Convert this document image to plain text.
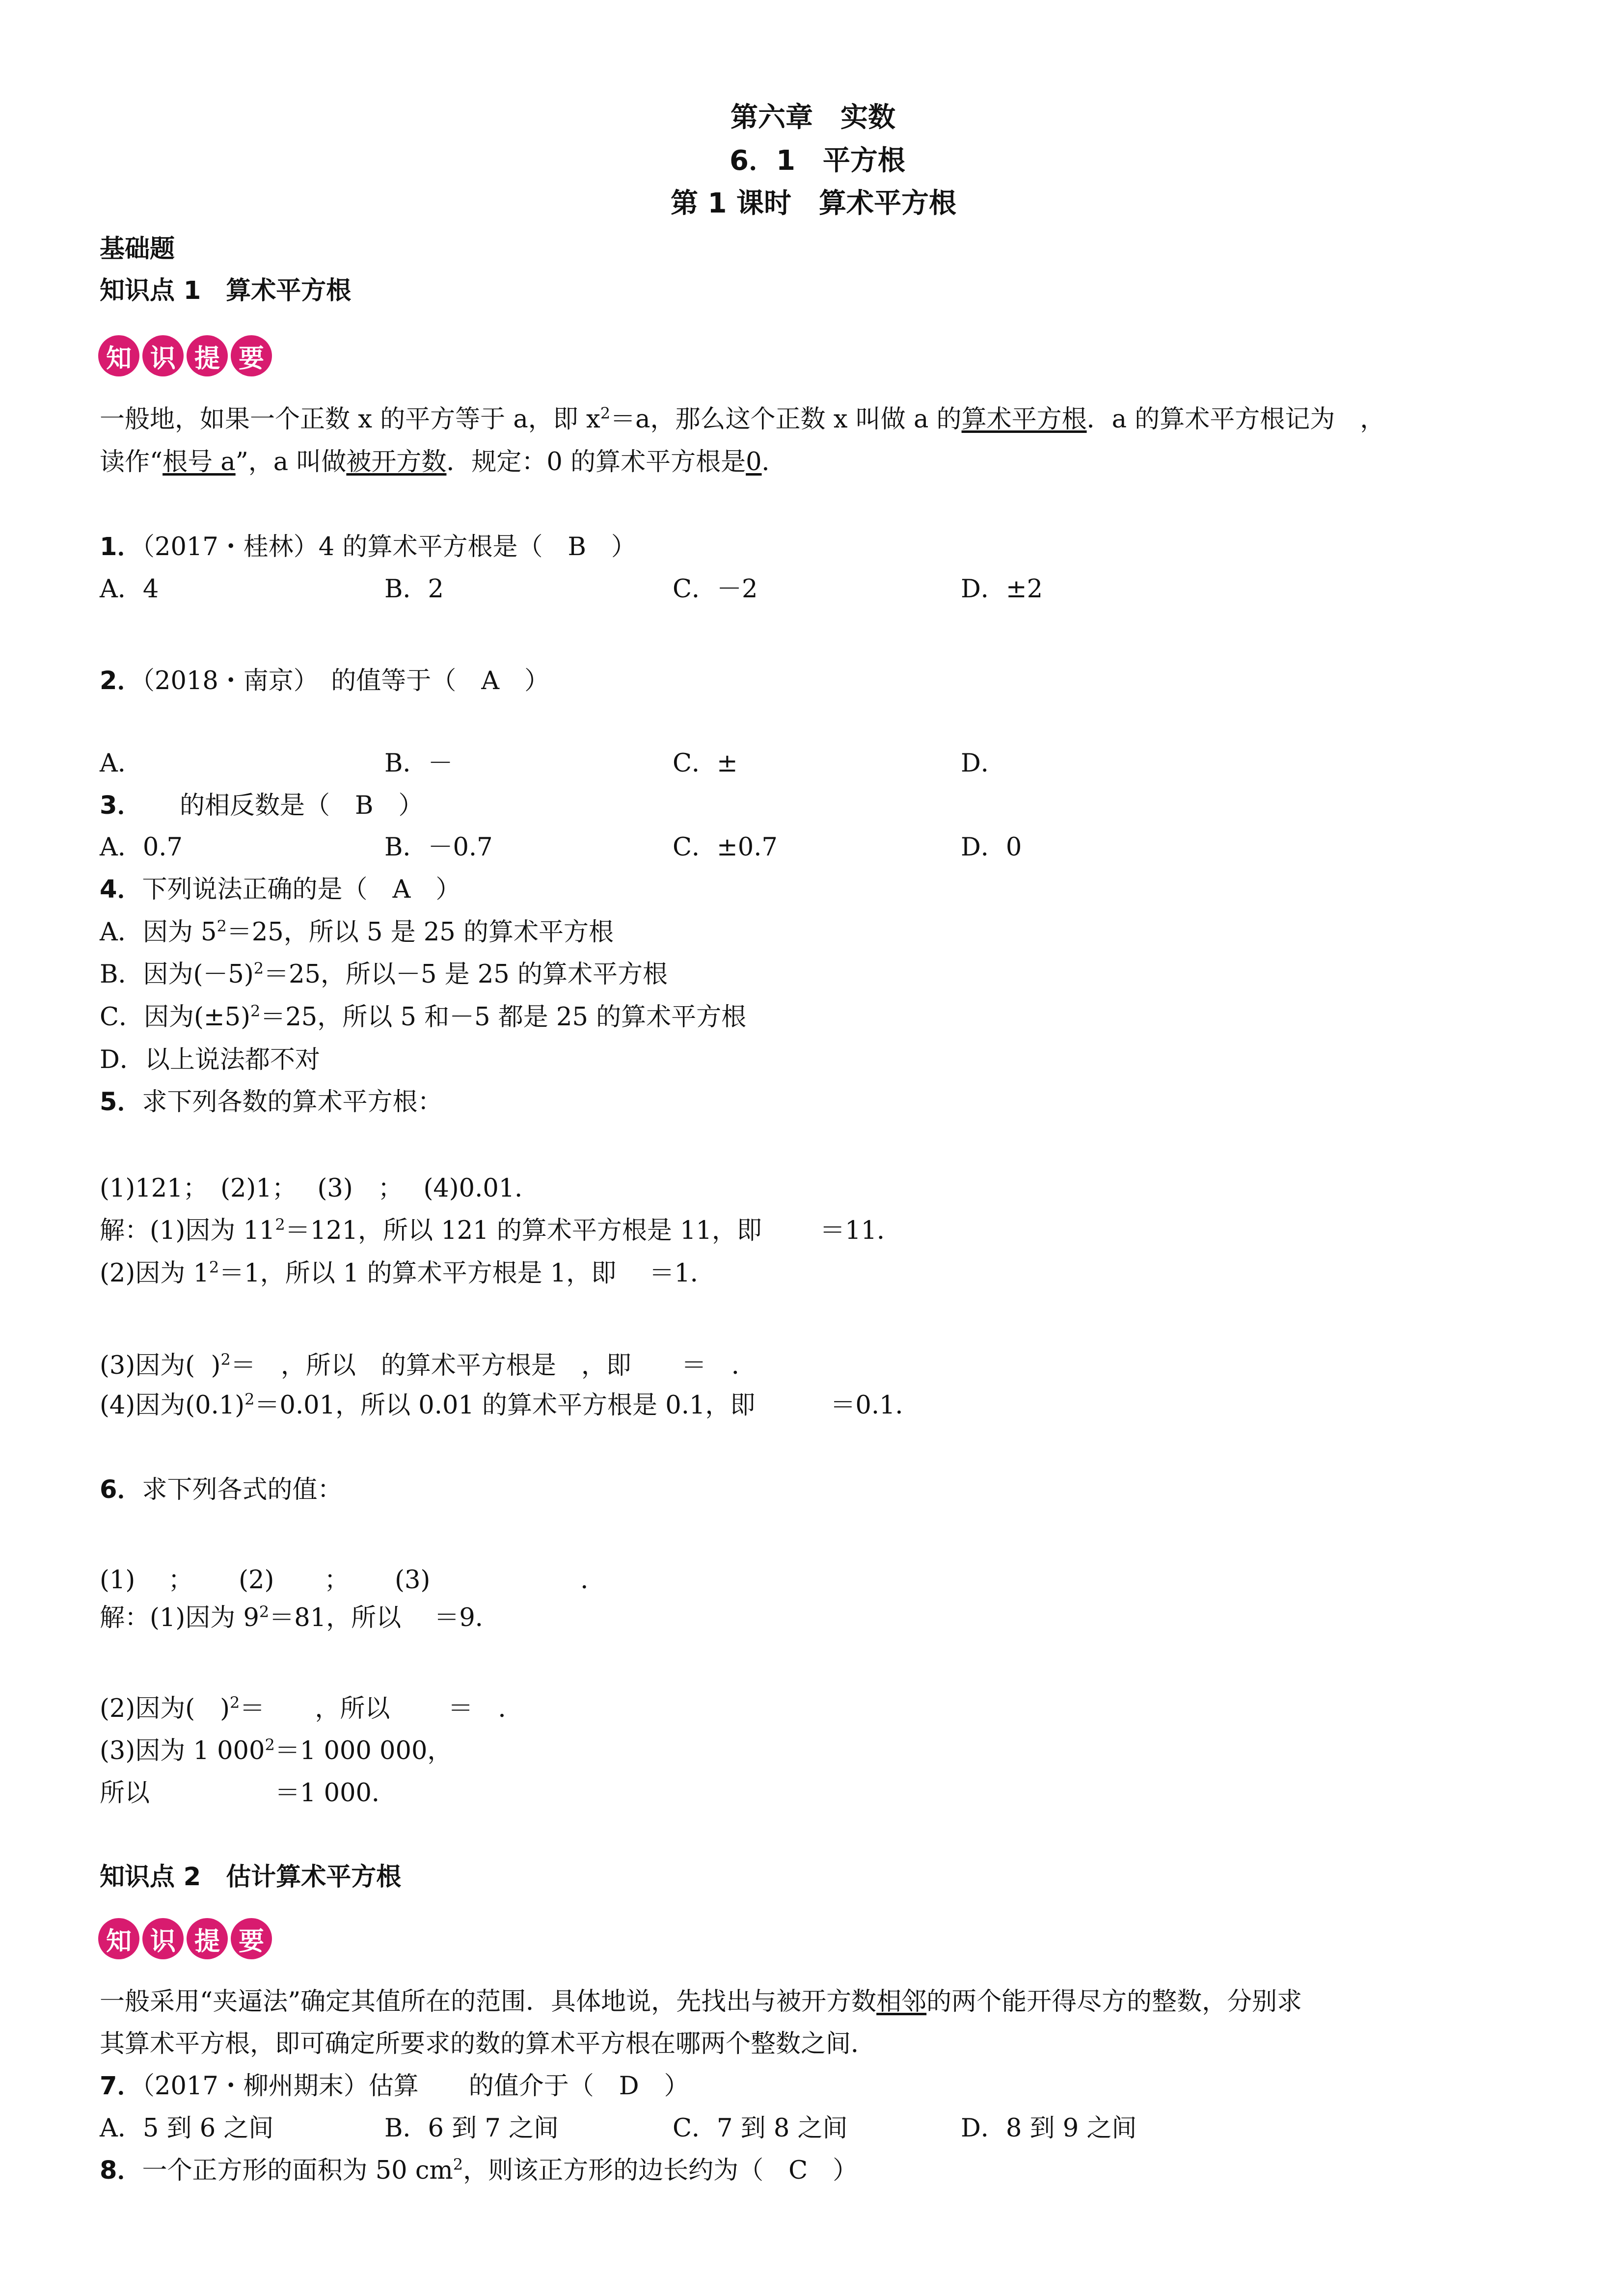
第六章　实数
6．1　平方根
第 1 课时　算术平方根
基础题
知识点 1　算术平方根
知 识 提 要
一般地，如果一个正数 x 的平方等于 a，即 $x^2=a$，那么这个正数 x 叫做 a 的算术平方根．a 的算术平方根记为　，
读作“根号 a”，a 叫做被开方数．规定：0 的算术平方根是0．
1．（2017・桂林）4 的算术平方根是（　B　）
A．4	B．2	C．－2	D．±2
2．（2018・南京）　的值等于（　A　）
A．	B．－	C．±	D．
3．　　的相反数是（　B　）
A．0.7	B．－0.7	C．±0.7	D．0
4．下列说法正确的是（　A　）
A．因为 $5^2=25$，所以 5 是 25 的算术平方根
B．因为$(-5)^2=25$，所以－5 是 25 的算术平方根
C．因为$(\pm 5)^2=25$，所以 5 和－5 都是 25 的算术平方根
D．以上说法都不对
5．求下列各数的算术平方根：
(1)121；　(2)1；　 (3)　；　 (4)0.01．
解：(1)因为 $11^2=121$，所以 121 的算术平方根是 11，即　　 ＝11．
(2)因为 $1^2=1$，所以 1 的算术平方根是 1，即　 ＝1．
(3)因为(  )$^2$＝　，所以　的算术平方根是　，即　　＝　．
(4)因为$(0.1)^2=0.01$，所以 0.01 的算术平方根是 0.1，即　　　＝0.1．
6．求下列各式的值：
(1)　 ；　　 (2)　　；　　 (3)　　　　　　．
解：(1)因为 $9^2=81$，所以　 ＝9．
(2)因为(　)$^2$＝　　，所以　　 ＝　．
(3)因为 1 $000^2=1$ 000 000，
所以　　　　　＝1 000．
知识点 2　估计算术平方根
知 识 提 要
一般采用“夹逼法”确定其值所在的范围．具体地说，先找出与被开方数相邻的两个能开得尽方的整数，分别求
其算术平方根，即可确定所要求的数的算术平方根在哪两个整数之间．
7．（2017・柳州期末）估算　　的值介于（　D　）
A．5 到 6 之间	B．6 到 7 之间	C．7 到 8 之间	D．8 到 9 之间
8．一个正方形的面积为 50 $cm^2$，则该正方形的边长约为（　C　）
